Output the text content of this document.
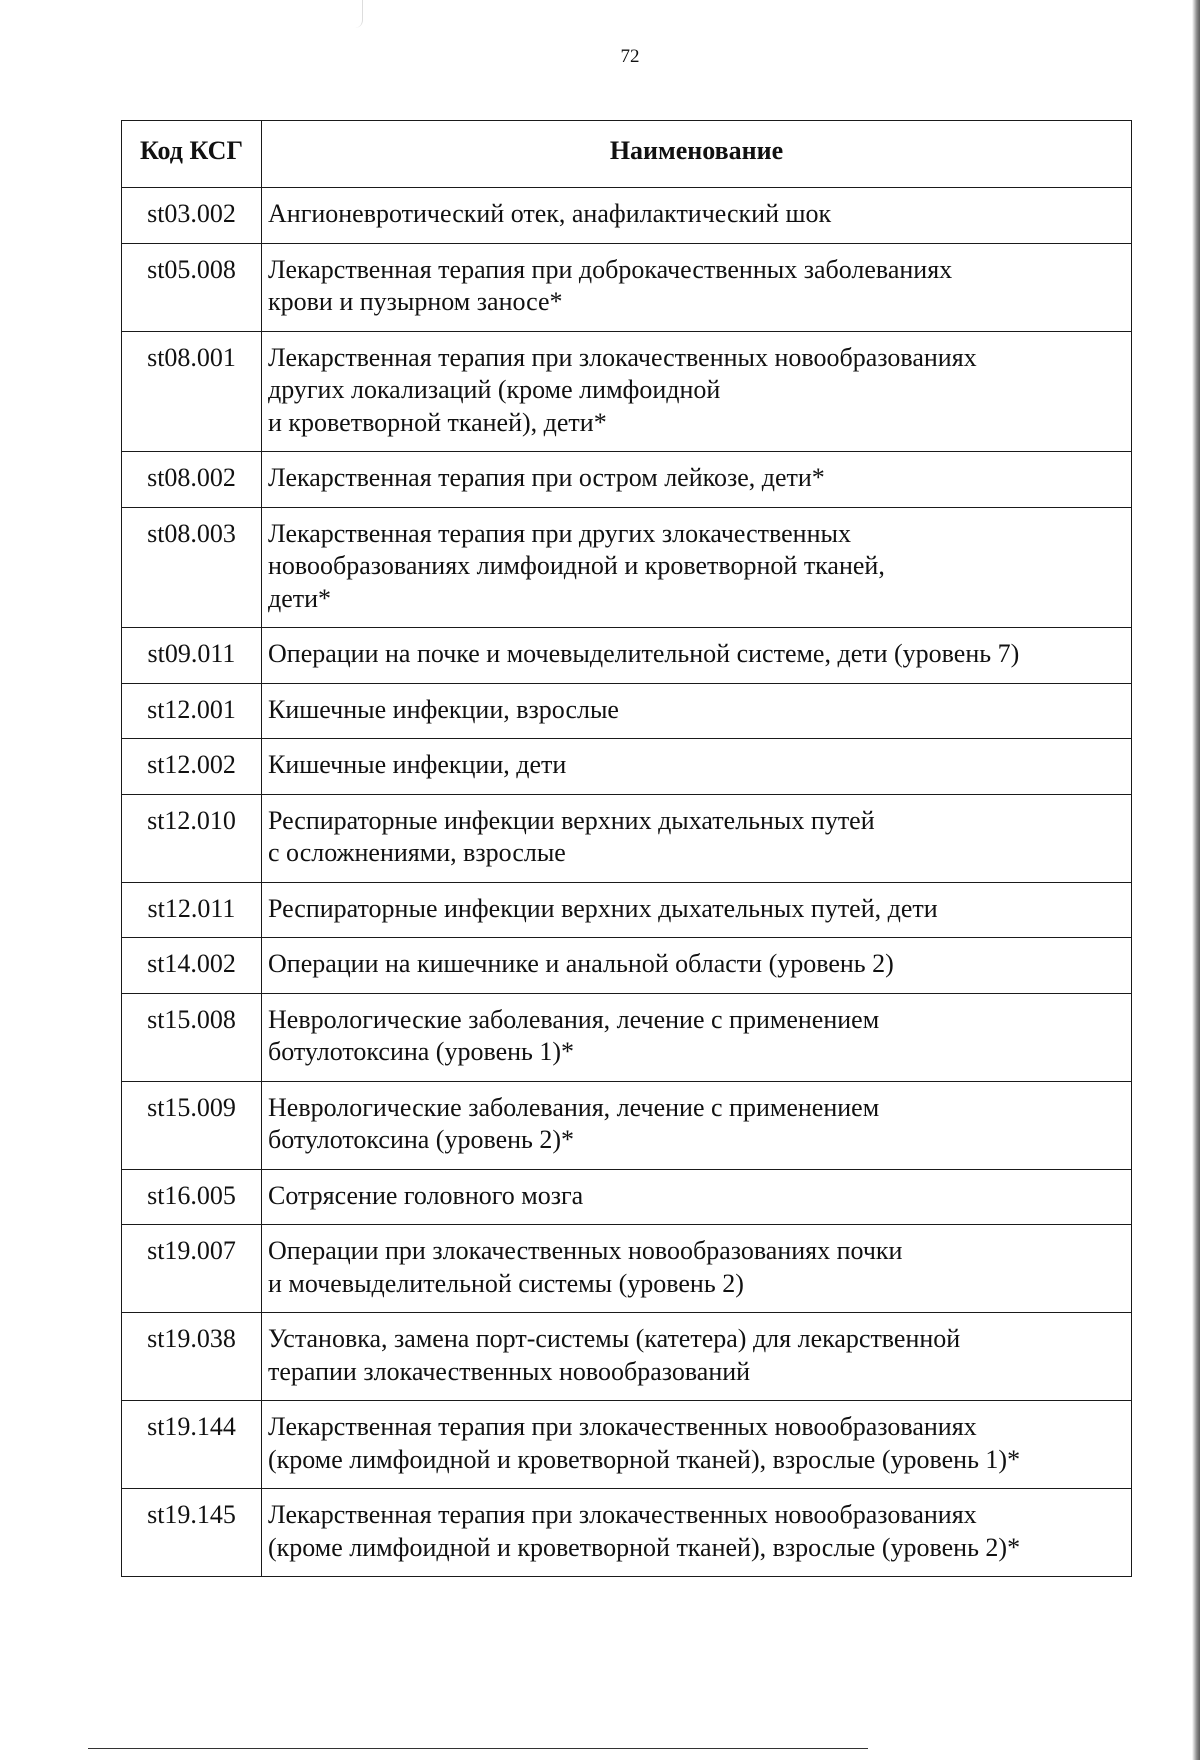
72
Код КСГ	Наименование
st03.002	Ангионевротический отек, анафилактический шок
st05.008	Лекарственная терапия при доброкачественных заболеваниях
крови и пузырном заносе*
st08.001	Лекарственная терапия при злокачественных новообразованиях
других локализаций (кроме лимфоидной
и кроветворной тканей), дети*
st08.002	Лекарственная терапия при остром лейкозе, дети*
st08.003	Лекарственная терапия при других злокачественных
новообразованиях лимфоидной и кроветворной тканей,
дети*
st09.011	Операции на почке и мочевыделительной системе, дети (уровень 7)
st12.001	Кишечные инфекции, взрослые
st12.002	Кишечные инфекции, дети
st12.010	Респираторные инфекции верхних дыхательных путей
с осложнениями, взрослые
st12.011	Респираторные инфекции верхних дыхательных путей, дети
st14.002	Операции на кишечнике и анальной области (уровень 2)
st15.008	Неврологические заболевания, лечение с применением
ботулотоксина (уровень 1)*
st15.009	Неврологические заболевания, лечение с применением
ботулотоксина (уровень 2)*
st16.005	Сотрясение головного мозга
st19.007	Операции при злокачественных новообразованиях почки
и мочевыделительной системы (уровень 2)
st19.038	Установка, замена порт-системы (катетера) для лекарственной
терапии злокачественных новообразований
st19.144	Лекарственная терапия при злокачественных новообразованиях
(кроме лимфоидной и кроветворной тканей), взрослые (уровень 1)*
st19.145	Лекарственная терапия при злокачественных новообразованиях
(кроме лимфоидной и кроветворной тканей), взрослые (уровень 2)*
